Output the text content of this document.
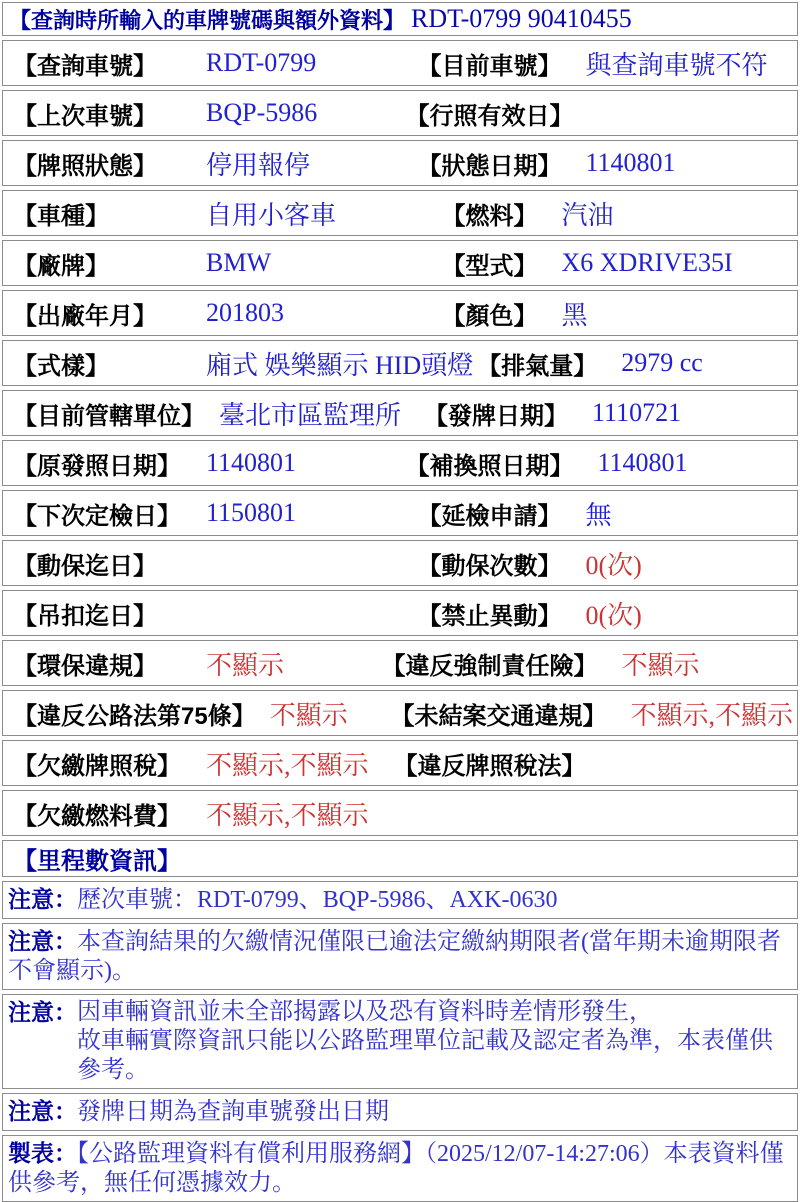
【查詢時所輸入的車牌號碼與額外資料】 RDT-0799 90410455
【查詢車號】	RDT-0799	【目前車號】 與查詢車號不符
【上次車號】	BQP-5986	【行照有效日】
【牌照狀態】	停用報停	【狀態日期】 1140801
【車種】	自用小客車	【燃料】 汽油
【廠牌】	BMW	【型式】 X6 XDRIVE35I
【出廠年月】	201803	【顏色】 黑
【式樣】	廂式 娛樂顯示 HID頭燈 【排氣量】 2979 cc
【目前管轄單位】 臺北市區監理所 【發牌日期】 1110721
【原發照日期】 1140801	【補換照日期】 1140801
【下次定檢日】 1150801	【延檢申請】 無
【動保迄日】	【動保次數】 0(次)
【吊扣迄日】	【禁止異動】 0(次)
【環保違規】	不顯示	【違反強制責任險】 不顯示
【違反公路法第75條】 不顯示	【未結案交通違規】 不顯示,不顯示
【欠繳牌照稅】 不顯示,不顯示	【違反牌照稅法】
【欠繳燃料費】 不顯示,不顯示
【里程數資訊】
注意：歷次車號：RDT-0799、BQP-5986、AXK-0630
注意：本查詢結果的欠繳情況僅限已逾法定繳納期限者(當年期未逾期限者不會顯示)。
注意： 因車輛資訊並未全部揭露以及恐有資料時差情形發生，
故車輛實際資訊只能以公路監理單位記載及認定者為準，本表僅供參考。
注意：發牌日期為查詢車號發出日期
製表：【公路監理資料有償利用服務網】（2025/12/07-14:27:06）本表資料僅供參考，無任何憑據效力。
